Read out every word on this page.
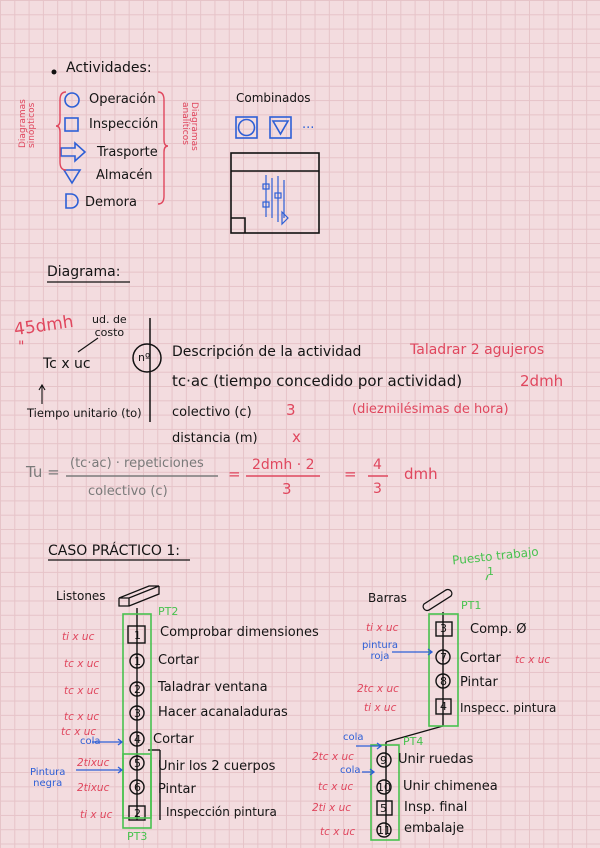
Actividades:
Operación
Inspección
Trasporte
Almacén
Demora
Diagramas
sinópticos	Diagramas
analíticos
Combinados
...
Diagrama:
45dmh
"
ud. de
costo
Tc x uc
Tiempo unitario (to)
nº Descripción de la actividad	Taladrar 2 agujeros
tc·ac (tiempo concedido por actividad)	2dmh
(diezmilésimas de hora)
colectivo (c) 3
distancia (m) x
Tu = (tc·ac) · repeticiones
colectivo (c)
= 2dmh · 2
3
= 4
3
dmh
CASO PRÁCTICO 1:	Puesto trabajo
1
Listones
PT2
PT3
Barras
PT1
PT4
1
ti x uc	Comprobar dimensiones
1
tc x uc	Cortar
2
tc x uc	Taladrar ventana
3
tc x uc	Hacer acanaladuras
4
tc x uc	Cortar
5
2tixuc	Unir los 2 cuerpos
6
2tixuc	Pintar
2
ti x uc	Inspección pintura
cola
Pintura
negra
3
ti x uc	Comp. Ø
7 Cortar tc x uc
8 Pintar
2tc x uc
4
ti x uc	Inspecc. pintura
9
2tc x uc	Unir ruedas
10
tc x uc	Unir chimenea
5
2ti x uc	Insp. final
11
tc x uc	embalaje
pintura
roja
cola
cola
